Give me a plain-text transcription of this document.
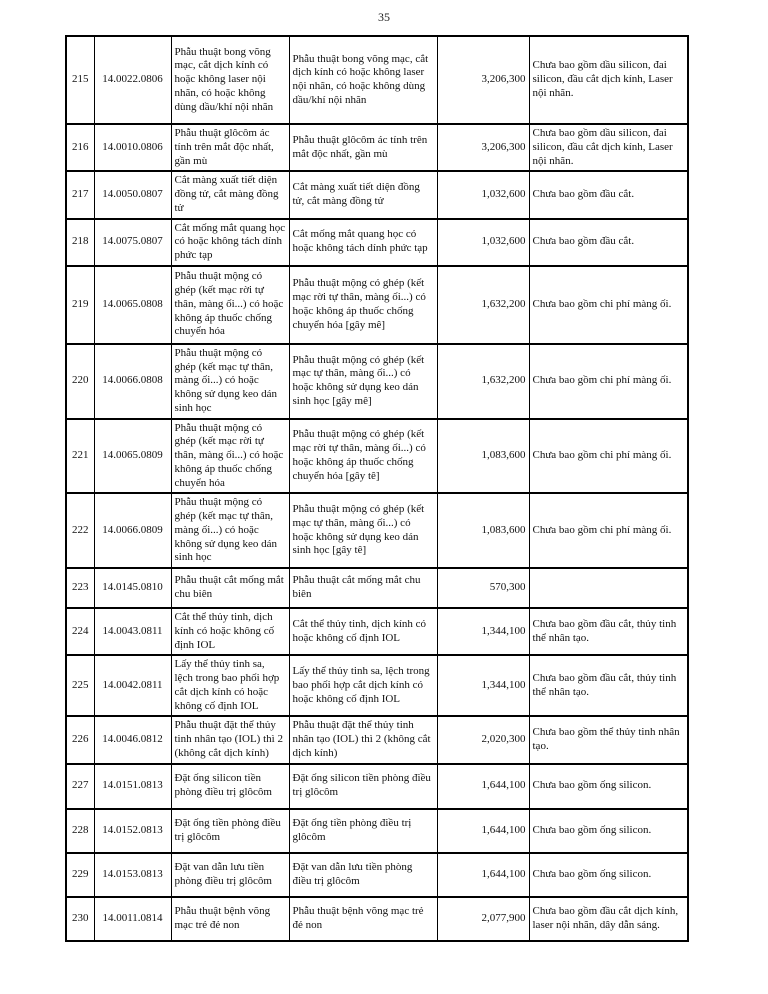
35
215	14.0022.0806	Phẫu thuật bong võng mạc, cắt dịch kính có hoặc không laser nội nhãn, có hoặc không dùng dầu/khí nội nhãn	Phẫu thuật bong võng mạc, cắt dịch kính có hoặc không laser nội nhãn, có hoặc không dùng dầu/khí nội nhãn	3,206,300	Chưa bao gồm dầu silicon, đai silicon, đầu cắt dịch kính, Laser nội nhãn.
216	14.0010.0806	Phẫu thuật glôcôm ác tính trên mắt độc nhất, gần mù	Phẫu thuật glôcôm ác tính trên mắt độc nhất, gần mù	3,206,300	Chưa bao gồm dầu silicon, đai silicon, đầu cắt dịch kính, Laser nội nhãn.
217	14.0050.0807	Cắt màng xuất tiết diện đồng tử, cắt màng đồng tử	Cắt màng xuất tiết diện đồng tử, cắt màng đồng tử	1,032,600	Chưa bao gồm đầu cắt.
218	14.0075.0807	Cắt mống mắt quang học có hoặc không tách dính phức tạp	Cắt mống mắt quang học có hoặc không tách dính phức tạp	1,032,600	Chưa bao gồm đầu cắt.
219	14.0065.0808	Phẫu thuật mộng có ghép (kết mạc rời tự thân, màng ối...) có hoặc không áp thuốc chống chuyển hóa	Phẫu thuật mộng có ghép (kết mạc rời tự thân, màng ối...) có hoặc không áp thuốc chống chuyển hóa [gây mê]	1,632,200	Chưa bao gồm chi phí màng ối.
220	14.0066.0808	Phẫu thuật mộng có ghép (kết mạc tự thân, màng ối...) có hoặc không sử dụng keo dán sinh học	Phẫu thuật mộng có ghép (kết mạc tự thân, màng ối...) có hoặc không sử dụng keo dán sinh học [gây mê]	1,632,200	Chưa bao gồm chi phí màng ối.
221	14.0065.0809	Phẫu thuật mộng có ghép (kết mạc rời tự thân, màng ối...) có hoặc không áp thuốc chống chuyển hóa	Phẫu thuật mộng có ghép (kết mạc rời tự thân, màng ối...) có hoặc không áp thuốc chống chuyển hóa [gây tê]	1,083,600	Chưa bao gồm chi phí màng ối.
222	14.0066.0809	Phẫu thuật mộng có ghép (kết mạc tự thân, màng ối...) có hoặc không sử dụng keo dán sinh học	Phẫu thuật mộng có ghép (kết mạc tự thân, màng ối...) có hoặc không sử dụng keo dán sinh học [gây tê]	1,083,600	Chưa bao gồm chi phí màng ối.
223	14.0145.0810	Phẫu thuật cắt mống mắt chu biên	Phẫu thuật cắt mống mắt chu biên	570,300	
224	14.0043.0811	Cắt thể thủy tinh, dịch kính có hoặc không cố định IOL	Cắt thể thủy tinh, dịch kính có hoặc không cố định IOL	1,344,100	Chưa bao gồm đầu cắt, thủy tinh thể nhân tạo.
225	14.0042.0811	Lấy thể thủy tinh sa, lệch trong bao phối hợp cắt dịch kính có hoặc không cố định IOL	Lấy thể thủy tinh sa, lệch trong bao phối hợp cắt dịch kính có hoặc không cố định IOL	1,344,100	Chưa bao gồm đầu cắt, thủy tinh thể nhân tạo.
226	14.0046.0812	Phẫu thuật đặt thể thủy tinh nhân tạo (IOL) thì 2 (không cắt dịch kính)	Phẫu thuật đặt thể thủy tinh nhân tạo (IOL) thì 2 (không cắt dịch kính)	2,020,300	Chưa bao gồm thể thủy tinh nhân tạo.
227	14.0151.0813	Đặt ống silicon tiền phòng điều trị glôcôm	Đặt ống silicon tiền phòng điều trị glôcôm	1,644,100	Chưa bao gồm ống silicon.
228	14.0152.0813	Đặt ống tiền phòng điều trị glôcôm	Đặt ống tiền phòng điều trị glôcôm	1,644,100	Chưa bao gồm ống silicon.
229	14.0153.0813	Đặt van dẫn lưu tiền phòng điều trị glôcôm	Đặt van dẫn lưu tiền phòng điều trị glôcôm	1,644,100	Chưa bao gồm ống silicon.
230	14.0011.0814	Phẫu thuật bệnh võng mạc trẻ đẻ non	Phẫu thuật bệnh võng mạc trẻ đẻ non	2,077,900	Chưa bao gồm đầu cắt dịch kính, laser nội nhãn, dây dẫn sáng.
